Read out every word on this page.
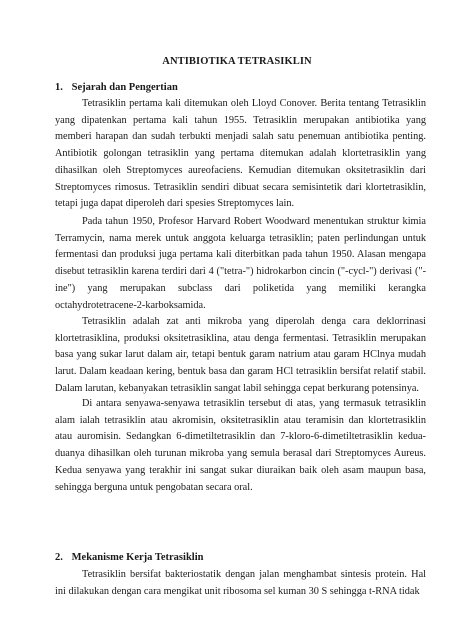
ANTIBIOTIKA TETRASIKLIN
1. Sejarah dan Pengertian

Tetrasiklin pertama kali ditemukan oleh Lloyd Conover. Berita tentang Tetrasiklin yang dipatenkan pertama kali tahun 1955. Tetrasiklin merupakan antibiotika yang memberi harapan dan sudah terbukti menjadi salah satu penemuan antibiotika penting. Antibiotik golongan tetrasiklin yang pertama ditemukan adalah klortetrasiklin yang dihasilkan oleh Streptomyces aureofaciens. Kemudian ditemukan oksitetrasiklin dari Streptomyces rimosus. Tetrasiklin sendiri dibuat secara semisintetik dari klortetrasiklin, tetapi juga dapat diperoleh dari spesies Streptomyces lain.

Pada tahun 1950, Profesor Harvard Robert Woodward menentukan struktur kimia Terramycin, nama merek untuk anggota keluarga tetrasiklin; paten perlindungan untuk fermentasi dan produksi juga pertama kali diterbitkan pada tahun 1950. Alasan mengapa disebut tetrasiklin karena terdiri dari 4 ("tetra-") hidrokarbon cincin ("-cycl-") derivasi ("-ine") yang merupakan subclass dari poliketida yang memiliki kerangka octahydrotetracene-2-karboksamida.

Tetrasiklin adalah zat anti mikroba yang diperolah denga cara deklorrinasi klortetrasiklina, produksi oksitetrasiklina, atau denga fermentasi. Tetrasiklin merupakan basa yang sukar larut dalam air, tetapi bentuk garam natrium atau garam HClnya mudah larut. Dalam keadaan kering, bentuk basa dan garam HCl tetrasiklin bersifat relatif stabil. Dalam larutan, kebanyakan tetrasiklin sangat labil sehingga cepat berkurang potensinya.

Di antara senyawa-senyawa tetrasiklin tersebut di atas, yang termasuk tetrasiklin alam ialah tetrasiklin atau akromisin, oksitetrasiklin atau teramisin dan klortetrasiklin atau auromisin. Sedangkan 6-dimetiltetrasiklin dan 7-kloro-6-dimetiltetrasiklin kedua-duanya dihasilkan oleh turunan mikroba yang semula berasal dari Streptomyces Aureus. Kedua senyawa yang terakhir ini sangat sukar diuraikan baik oleh asam maupun basa, sehingga berguna untuk pengobatan secara oral.

2. Mekanisme Kerja Tetrasiklin

Tetrasiklin bersifat bakteriostatik dengan jalan menghambat sintesis protein. Hal ini dilakukan dengan cara mengikat unit ribosoma sel kuman 30 S sehingga t-RNA tidak
